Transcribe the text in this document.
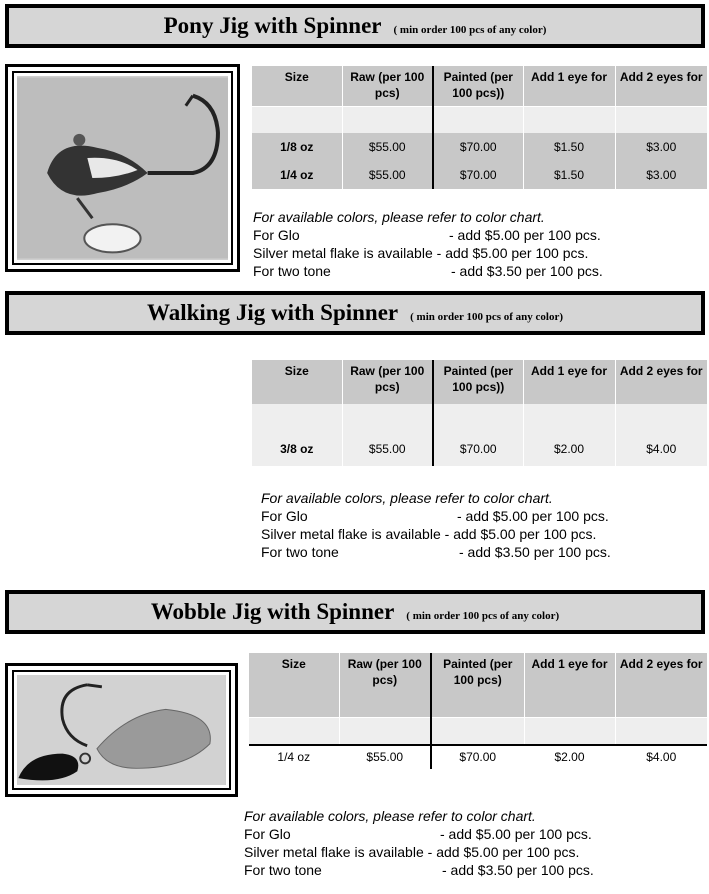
Pony Jig with Spinner ( min order 100 pcs of any color)
Size	Raw (per 100 pcs)	Painted (per 100 pcs))	Add 1 eye for	Add 2 eyes for

1/8 oz	$55.00	$70.00	$1.50	$3.00
1/4 oz	$55.00	$70.00	$1.50	$3.00
For available colors, please refer to color chart.
For Glo	- add $5.00 per 100 pcs.
Silver metal flake is available - add $5.00 per 100 pcs.
For two tone	- add $3.50 per 100 pcs.
Walking Jig with Spinner ( min order 100 pcs of any color)
Size	Raw (per 100 pcs)	Painted (per 100 pcs))	Add 1 eye for	Add 2 eyes for
3/8 oz	$55.00	$70.00	$2.00	$4.00
For available colors, please refer to color chart.
For Glo	- add $5.00 per 100 pcs.
Silver metal flake is available - add $5.00 per 100 pcs.
For two tone	- add $3.50 per 100 pcs.
Wobble Jig with Spinner ( min order 100 pcs of any color)
Size	Raw (per 100 pcs)	Painted (per 100 pcs)	Add 1 eye for	Add 2 eyes for

1/4 oz	$55.00	$70.00	$2.00	$4.00
For available colors, please refer to color chart.
For Glo	- add $5.00 per 100 pcs.
Silver metal flake is available - add $5.00 per 100 pcs.
For two tone	- add $3.50 per 100 pcs.
